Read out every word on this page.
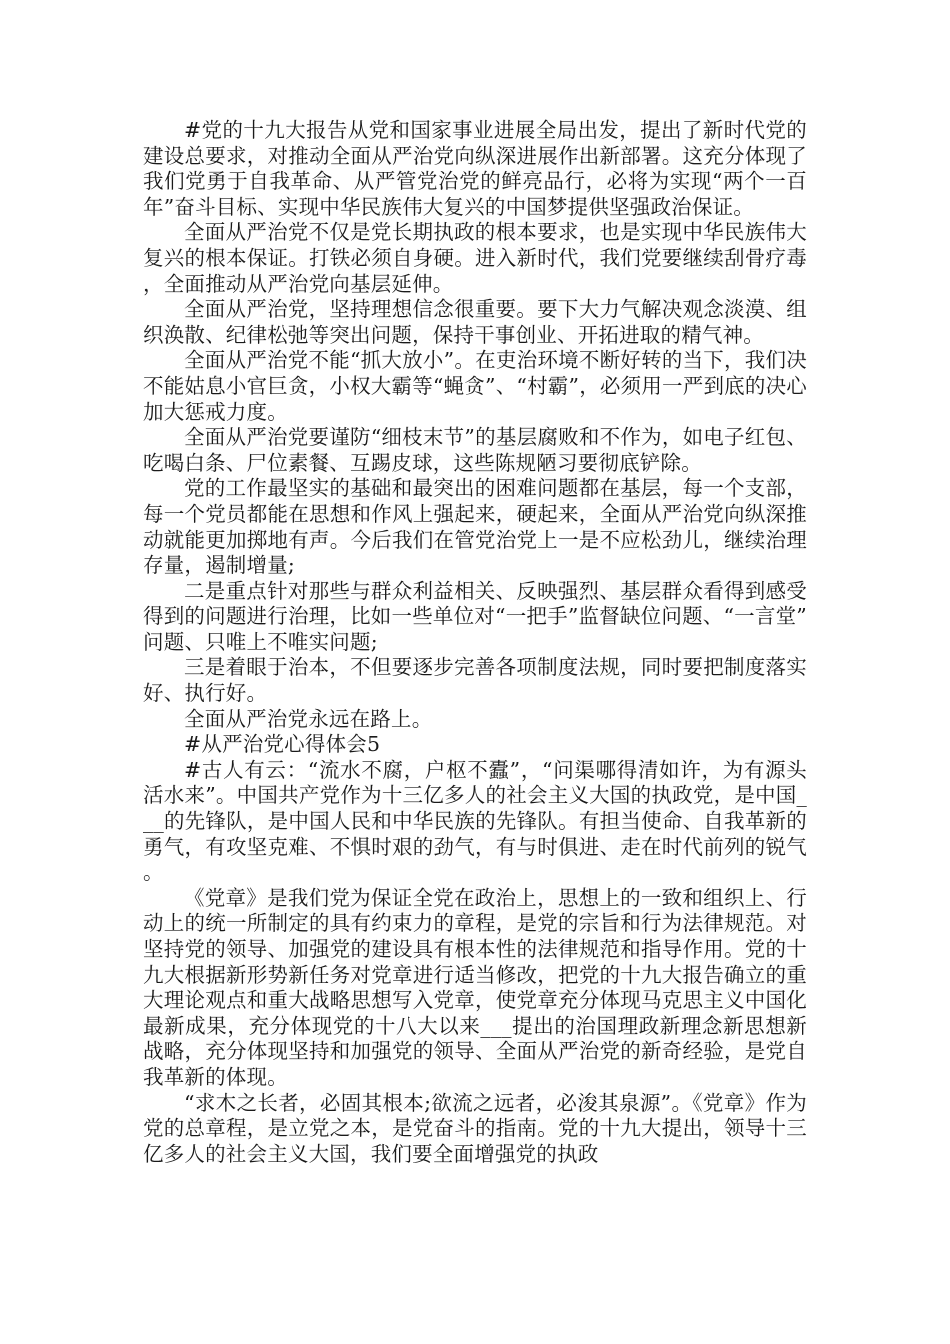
#党的十九大报告从党和国家事业进展全局出发，提出了新时代党的建设总要求，对推动全面从严治党向纵深进展作出新部署。这充分体现了我们党勇于自我革命、从严管党治党的鲜亮品行，必将为实现“两个一百年”奋斗目标、实现中华民族伟大复兴的中国梦提供坚强政治保证。

全面从严治党不仅是党长期执政的根本要求，也是实现中华民族伟大复兴的根本保证。打铁必须自身硬。进入新时代，我们党要继续刮骨疗毒，全面推动从严治党向基层延伸。

全面从严治党，坚持理想信念很重要。要下大力气解决观念淡漠、组织涣散、纪律松弛等突出问题，保持干事创业、开拓进取的精气神。

全面从严治党不能“抓大放小”。在吏治环境不断好转的当下，我们决不能姑息小官巨贪，小权大霸等“蝇贪”、“村霸”，必须用一严到底的决心加大惩戒力度。

全面从严治党要谨防“细枝末节”的基层腐败和不作为，如电子红包、吃喝白条、尸位素餐、互踢皮球，这些陈规陋习要彻底铲除。

党的工作最坚实的基础和最突出的困难问题都在基层，每一个支部，每一个党员都能在思想和作风上强起来，硬起来，全面从严治党向纵深推动就能更加掷地有声。今后我们在管党治党上一是不应松劲儿，继续治理存量，遏制增量;

二是重点针对那些与群众利益相关、反映强烈、基层群众看得到感受得到的问题进行治理，比如一些单位对“一把手”监督缺位问题、“一言堂”问题、只唯上不唯实问题;

三是着眼于治本，不但要逐步完善各项制度法规，同时要把制度落实好、执行好。

全面从严治党永远在路上。

#从严治党心得体会5

#古人有云：“流水不腐，户枢不蠹”，“问渠哪得清如许，为有源头活水来”。中国共产党作为十三亿多人的社会主义大国的执政党，是中国___的先锋队，是中国人民和中华民族的先锋队。有担当使命、自我革新的勇气，有攻坚克难、不惧时艰的劲气，有与时俱进、走在时代前列的锐气。

《党章》是我们党为保证全党在政治上，思想上的一致和组织上、行动上的统一所制定的具有约束力的章程，是党的宗旨和行为法律规范。对坚持党的领导、加强党的建设具有根本性的法律规范和指导作用。党的十九大根据新形势新任务对党章进行适当修改，把党的十九大报告确立的重大理论观点和重大战略思想写入党章，使党章充分体现马克思主义中国化最新成果，充分体现党的十八大以来___提出的治国理政新理念新思想新战略，充分体现坚持和加强党的领导、全面从严治党的新奇经验，是党自我革新的体现。

“求木之长者，必固其根本;欲流之远者，必浚其泉源”。《党章》作为党的总章程，是立党之本，是党奋斗的指南。党的十九大提出，领导十三亿多人的社会主义大国，我们要全面增强党的执政
